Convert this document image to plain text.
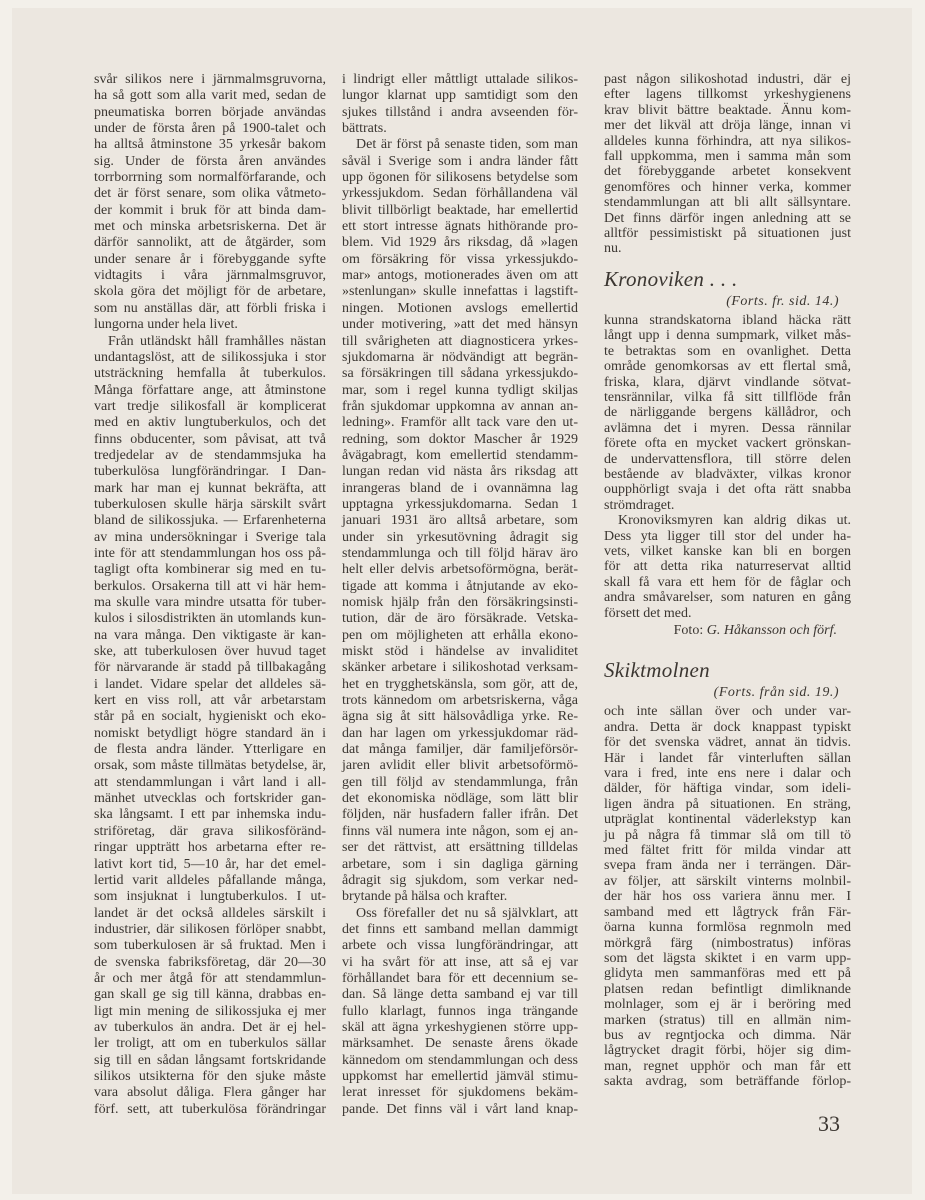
svår silikos nere i järnmalmsgruvorna,
ha så gott som alla varit med, sedan de
pneumatiska borren började användas
under de första åren på 1900-talet och
ha alltså åtminstone 35 yrkesår bakom
sig. Under de första åren användes
torrborrning som normalförfarande, och
det är först senare, som olika våtmeto-
der kommit i bruk för att binda dam-
met och minska arbetsriskerna. Det är
därför sannolikt, att de åtgärder, som
under senare år i förebyggande syfte
vidtagits i våra järnmalmsgruvor,
skola göra det möjligt för de arbetare,
som nu anställas där, att förbli friska i
lungorna under hela livet.
Från utländskt håll framhålles nästan
undantagslöst, att de silikossjuka i stor
utsträckning hemfalla åt tuberkulos.
Många författare ange, att åtminstone
vart tredje silikosfall är komplicerat
med en aktiv lungtuberkulos, och det
finns obducenter, som påvisat, att två
tredjedelar av de stendammsjuka ha
tuberkulösa lungförändringar. I Dan-
mark har man ej kunnat bekräfta, att
tuberkulosen skulle härja särskilt svårt
bland de silikossjuka. — Erfarenheterna
av mina undersökningar i Sverige tala
inte för att stendammlungan hos oss på-
tagligt ofta kombinerar sig med en tu-
berkulos. Orsakerna till att vi här hem-
ma skulle vara mindre utsatta för tuber-
kulos i silosdistrikten än utomlands kun-
na vara många. Den viktigaste är kan-
ske, att tuberkulosen över huvud taget
för närvarande är stadd på tillbakagång
i landet. Vidare spelar det alldeles sä-
kert en viss roll, att vår arbetarstam
står på en socialt, hygieniskt och eko-
nomiskt betydligt högre standard än i
de flesta andra länder. Ytterligare en
orsak, som måste tillmätas betydelse, är,
att stendammlungan i vårt land i all-
mänhet utvecklas och fortskrider gan-
ska långsamt. I ett par inhemska indu-
striföretag, där grava silikosföränd-
ringar uppträtt hos arbetarna efter re-
lativt kort tid, 5—10 år, har det emel-
lertid varit alldeles påfallande många,
som insjuknat i lungtuberkulos. I ut-
landet är det också alldeles särskilt i
industrier, där silikosen förlöper snabbt,
som tuberkulosen är så fruktad. Men i
de svenska fabriksföretag, där 20—30
år och mer åtgå för att stendammlun-
gan skall ge sig till känna, drabbas en-
ligt min mening de silikossjuka ej mer
av tuberkulos än andra. Det är ej hel-
ler troligt, att om en tuberkulos sällar
sig till en sådan långsamt fortskridande
silikos utsikterna för den sjuke måste
vara absolut dåliga. Flera gånger har
förf. sett, att tuberkulösa förändringar
i lindrigt eller måttligt uttalade silikos-
lungor klarnat upp samtidigt som den
sjukes tillstånd i andra avseenden för-
bättrats.
Det är först på senaste tiden, som man
såväl i Sverige som i andra länder fått
upp ögonen för silikosens betydelse som
yrkessjukdom. Sedan förhållandena väl
blivit tillbörligt beaktade, har emellertid
ett stort intresse ägnats hithörande pro-
blem. Vid 1929 års riksdag, då »lagen
om försäkring för vissa yrkessjukdo-
mar» antogs, motionerades även om att
»stenlungan» skulle innefattas i lagstift-
ningen. Motionen avslogs emellertid
under motivering, »att det med hänsyn
till svårigheten att diagnosticera yrkes-
sjukdomarna är nödvändigt att begrän-
sa försäkringen till sådana yrkessjukdo-
mar, som i regel kunna tydligt skiljas
från sjukdomar uppkomna av annan an-
ledning». Framför allt tack vare den ut-
redning, som doktor Mascher år 1929
åvägabragt, kom emellertid stendamm-
lungan redan vid nästa års riksdag att
inrangeras bland de i ovannämna lag
upptagna yrkessjukdomarna. Sedan 1
januari 1931 äro alltså arbetare, som
under sin yrkesutövning ådragit sig
stendammlunga och till följd härav äro
helt eller delvis arbetsoförmögna, berät-
tigade att komma i åtnjutande av eko-
nomisk hjälp från den försäkringsinsti-
tution, där de äro försäkrade. Vetska-
pen om möjligheten att erhålla ekono-
miskt stöd i händelse av invaliditet
skänker arbetare i silikoshotad verksam-
het en trygghetskänsla, som gör, att de,
trots kännedom om arbetsriskerna, våga
ägna sig åt sitt hälsovådliga yrke. Re-
dan har lagen om yrkessjukdomar räd-
dat många familjer, där familjeförsör-
jaren avlidit eller blivit arbetsoförmö-
gen till följd av stendammlunga, från
det ekonomiska nödläge, som lätt blir
följden, när husfadern faller ifrån. Det
finns väl numera inte någon, som ej an-
ser det rättvist, att ersättning tilldelas
arbetare, som i sin dagliga gärning
ådragit sig sjukdom, som verkar ned-
brytande på hälsa och krafter.
Oss förefaller det nu så självklart, att
det finns ett samband mellan dammigt
arbete och vissa lungförändringar, att
vi ha svårt för att inse, att så ej var
förhållandet bara för ett decennium se-
dan. Så länge detta samband ej var till
fullo klarlagt, funnos inga trängande
skäl att ägna yrkeshygienen större upp-
märksamhet. De senaste årens ökade
kännedom om stendammlungan och dess
uppkomst har emellertid jämväl stimu-
lerat inresset för sjukdomens bekäm-
pande. Det finns väl i vårt land knap-
past någon silikoshotad industri, där ej
efter lagens tillkomst yrkeshygienens
krav blivit bättre beaktade. Ännu kom-
mer det likväl att dröja länge, innan vi
alldeles kunna förhindra, att nya silikos-
fall uppkomma, men i samma mån som
det förebyggande arbetet konsekvent
genomföres och hinner verka, kommer
stendammlungan att bli allt sällsyntare.
Det finns därför ingen anledning att se
alltför pessimistiskt på situationen just
nu.
Kronoviken . . .
(Forts. fr. sid. 14.)
kunna strandskatorna ibland häcka rätt
långt upp i denna sumpmark, vilket mås-
te betraktas som en ovanlighet. Detta
område genomkorsas av ett flertal små,
friska, klara, djärvt vindlande sötvat-
tensrännilar, vilka få sitt tillflöde från
de närliggande bergens källådror, och
avlämna det i myren. Dessa rännilar
förete ofta en mycket vackert grönskan-
de undervattensflora, till större delen
bestående av bladväxter, vilkas kronor
oupphörligt svaja i det ofta rätt snabba
strömdraget.
Kronoviksmyren kan aldrig dikas ut.
Dess yta ligger till stor del under ha-
vets, vilket kanske kan bli en borgen
för att detta rika naturreservat alltid
skall få vara ett hem för de fåglar och
andra småvarelser, som naturen en gång
försett det med.
Foto: G. Håkansson och förf.
Skiktmolnen
(Forts. från sid. 19.)
och inte sällan över och under var-
andra. Detta är dock knappast typiskt
för det svenska vädret, annat än tidvis.
Här i landet får vinterluften sällan
vara i fred, inte ens nere i dalar och
dälder, för häftiga vindar, som ideli-
ligen ändra på situationen. En sträng,
utpräglat kontinental väderlekstyp kan
ju på några få timmar slå om till tö
med fältet fritt för milda vindar att
svepa fram ända ner i terrängen. Där-
av följer, att särskilt vinterns molnbil-
der här hos oss variera ännu mer. I
samband med ett lågtryck från Fär-
öarna kunna formlösa regnmoln med
mörkgrå färg (nimbostratus) införas
som det lägsta skiktet i en varm upp-
glidyta men sammanföras med ett på
platsen redan befintligt dimliknande
molnlager, som ej är i beröring med
marken (stratus) till en allmän nim-
bus av regntjocka och dimma. När
lågtrycket dragit förbi, höjer sig dim-
man, regnet upphör och man får ett
sakta avdrag, som beträffande förlop-
33
